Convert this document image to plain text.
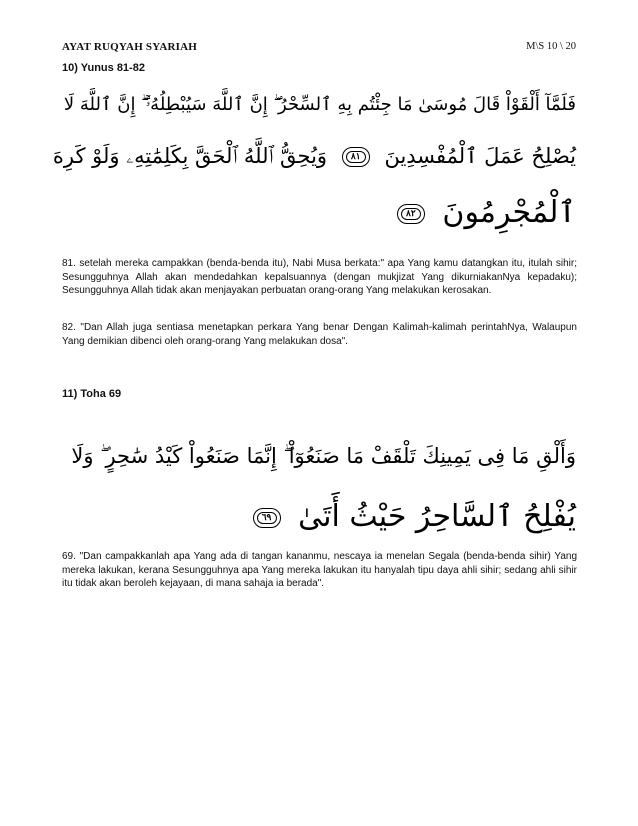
AYAT RUQYAH SYARIAH	M\S 10 \ 20
10) Yunus 81-82
فَلَمَّآ أَلْقَوْاْ قَالَ مُوسَىٰ مَا جِئْتُم بِهِ ٱلسِّحْرُ ۖ إِنَّ ٱللَّهَ سَيُبْطِلُهُۥٓ ۖ إِنَّ ٱللَّهَ لَا
يُصْلِحُ عَمَلَ ٱلْمُفْسِدِينَ ٨١ وَيُحِقُّ ٱللَّهُ ٱلْحَقَّ بِكَلِمَٰتِهِۦ وَلَوْ كَرِهَ
ٱلْمُجْرِمُونَ ٨٢
81. setelah mereka campakkan (benda-benda itu), Nabi Musa berkata:" apa Yang kamu datangkan itu, itulah sihir; Sesungguhnya Allah akan mendedahkan kepalsuannya (dengan mukjizat Yang dikurniakanNya kepadaku); Sesungguhnya Allah tidak akan menjayakan perbuatan orang-orang Yang melakukan kerosakan.
82. "Dan Allah juga sentiasa menetapkan perkara Yang benar Dengan Kalimah-kalimah perintahNya, Walaupun Yang demikian dibenci oleh orang-orang Yang melakukan dosa".
11) Toha 69
وَأَلْقِ مَا فِى يَمِينِكَ تَلْقَفْ مَا صَنَعُوٓاْ ۖ إِنَّمَا صَنَعُواْ كَيْدُ سَٰحِرٍ ۖ وَلَا
يُفْلِحُ ٱلسَّاحِرُ حَيْثُ أَتَىٰ ٦٩
69. "Dan campakkanlah apa Yang ada di tangan kananmu, nescaya ia menelan Segala (benda-benda sihir) Yang mereka lakukan, kerana Sesungguhnya apa Yang mereka lakukan itu hanyalah tipu daya ahli sihir; sedang ahli sihir itu tidak akan beroleh kejayaan, di mana sahaja ia berada".
